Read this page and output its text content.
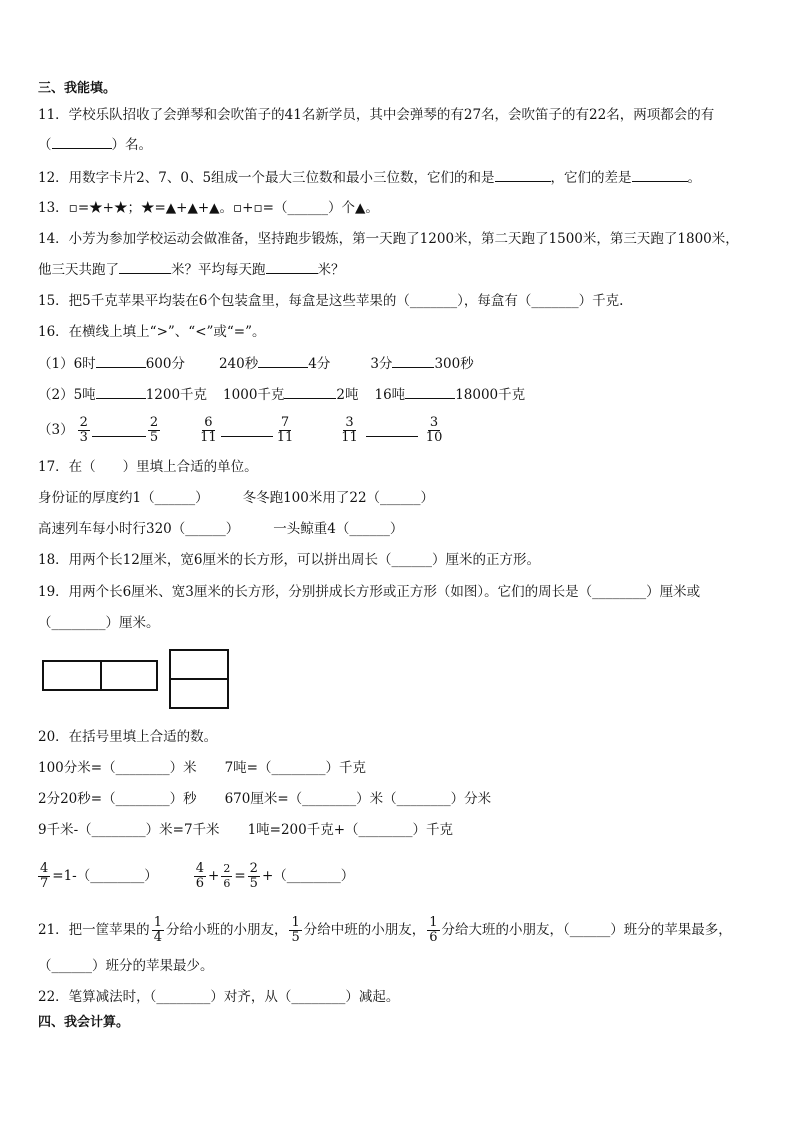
三、我能填。
11．学校乐队招收了会弹琴和会吹笛子的41名新学员，其中会弹琴的有27名，会吹笛子的有22名，两项都会的有
（	）名。
12．用数字卡片2、7、0、5组成一个最大三位数和最小三位数，它们的和是	，它们的差是	。
13．▫=★+★；★=▲+▲+▲。▫+▫=（______）个▲。
14．小芳为参加学校运动会做准备，坚持跑步锻炼，第一天跑了1200米，第二天跑了1500米，第三天跑了1800米，
他三天共跑了	米？平均每天跑	米？
15．把5千克苹果平均装在6个包装盒里，每盒是这些苹果的（_______），每盒有（_______）千克.
16．在横线上填上“>”、“<”或“=”。
（1）6时	600分	240秒	4分	3分	300秒
（2）5吨	1200千克 1000千克	2吨 16吨	18000千克
（3） 2
3
2
5
6
11
7
11
3
11
3
10
17．在（　　）里填上合适的单位。
身份证的厚度约1（______）	冬冬跑100米用了22（______）
高速列车每小时行320（______）	一头鲸重4（______）
18．用两个长12厘米，宽6厘米的长方形，可以拼出周长（______）厘米的正方形。
19．用两个长6厘米、宽3厘米的长方形，分别拼成长方形或正方形（如图）。它们的周长是（________）厘米或
（________）厘米。
20．在括号里填上合适的数。
100分米=（________）米 7吨=（________）千克
2分20秒=（________）秒 670厘米=（________）米（________）分米
9千米-（________）米=7千米 1吨=200千克+（________）千克
$\frac{4}{7}$ =1-（________）	4
$6 + \frac{2}{6} = \frac{2}{5}$ +（________）
21．把一筐苹果的 1
4 分给小班的小朋友， 1
5 分给中班的小朋友， 1
6 分给大班的小朋友，（______）班分的苹果最多，
（______）班分的苹果最少。
22．笔算减法时，（________）对齐，从（________）减起。
四、我会计算。
